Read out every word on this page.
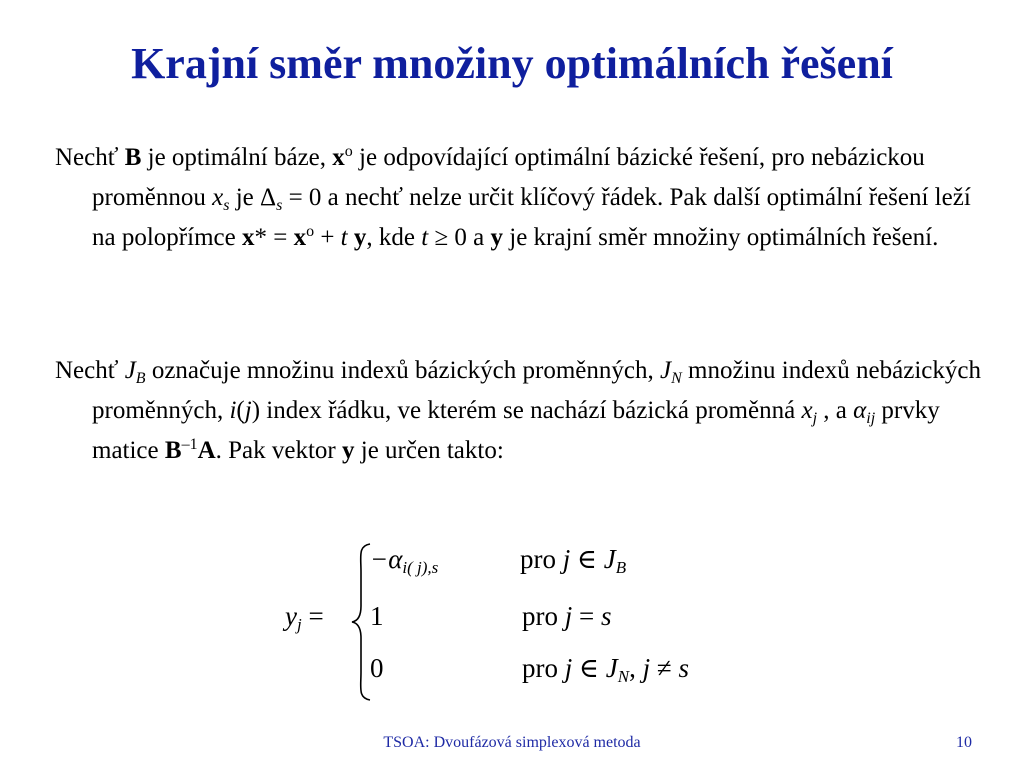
Krajní směr množiny optimálních řešení
Nechť B je optimální báze, $x^o$ je odpovídající optimální bázické řešení, pro nebázickou proměnnou $x_s$ je $\Delta_s = 0$ a nechť nelze určit klíčový řádek. Pak další optimální řešení leží na polopřímce $x* = x^o + t$ y, kde t ≥ 0 a y je krajní směr množiny optimálních řešení.
Nechť $J_B$ označuje množinu indexů bázických proměnných, $J_N$ množinu indexů nebázických proměnných, i(j) index řádku, ve kterém se nachází bázická proměnná $x_j$ , a $\alpha_{ij}$ prvky matice $B^{-1}A$. Pak vektor y je určen takto:
$y_j$ =
$-\alpha_{i( j),s}$	pro j ∈ $J_B$
1	pro j = s
0	pro j ∈ $J_N$, j ≠ s
TSOA: Dvoufázová simplexová metoda	10
